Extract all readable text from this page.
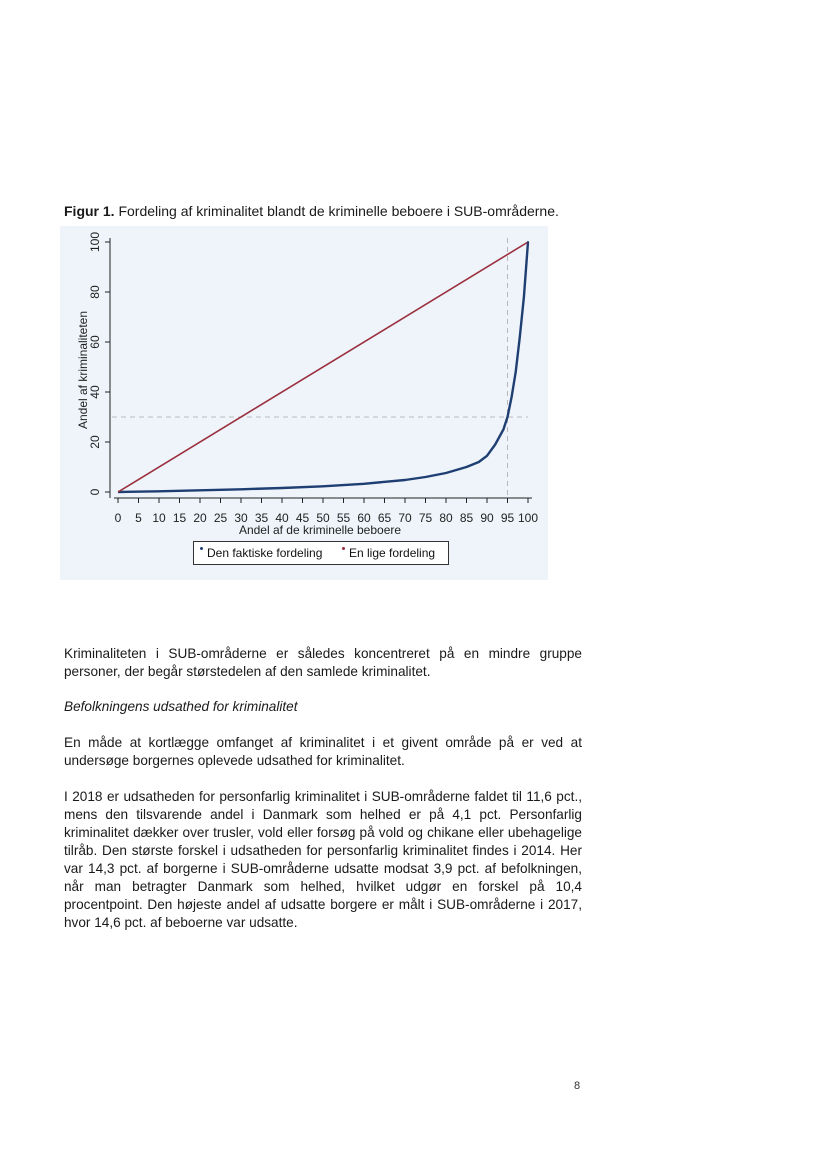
Figur 1. Fordeling af kriminalitet blandt de kriminelle beboere i SUB-områderne.
0
20
40
60
80
100
0 5 10 15 20 25 30 35 40 45 50 55 60 65 70 75 80 85 90 95 100
Andel af de kriminelle beboere
Andel af kriminaliteten
Den faktiske fordeling	En lige fordeling

Kriminaliteten i SUB-områderne er således koncentreret på en mindre gruppe personer, der begår størstedelen af den samlede kriminalitet.

Befolkningens udsathed for kriminalitet

En måde at kortlægge omfanget af kriminalitet i et givent område på er ved at undersøge borgernes oplevede udsathed for kriminalitet.

I 2018 er udsatheden for personfarlig kriminalitet i SUB-områderne faldet til 11,6 pct., mens den tilsvarende andel i Danmark som helhed er på 4,1 pct. Personfarlig kriminalitet dækker over trusler, vold eller forsøg på vold og chikane eller ubehagelige tilråb. Den største forskel i udsatheden for personfarlig kriminalitet findes i 2014. Her var 14,3 pct. af borgerne i SUB-områderne udsatte modsat 3,9 pct. af befolkningen, når man betragter Danmark som helhed, hvilket udgør en forskel på 10,4 procentpoint. Den højeste andel af udsatte borgere er målt i SUB-områderne i 2017, hvor 14,6 pct. af beboerne var udsatte.

8
